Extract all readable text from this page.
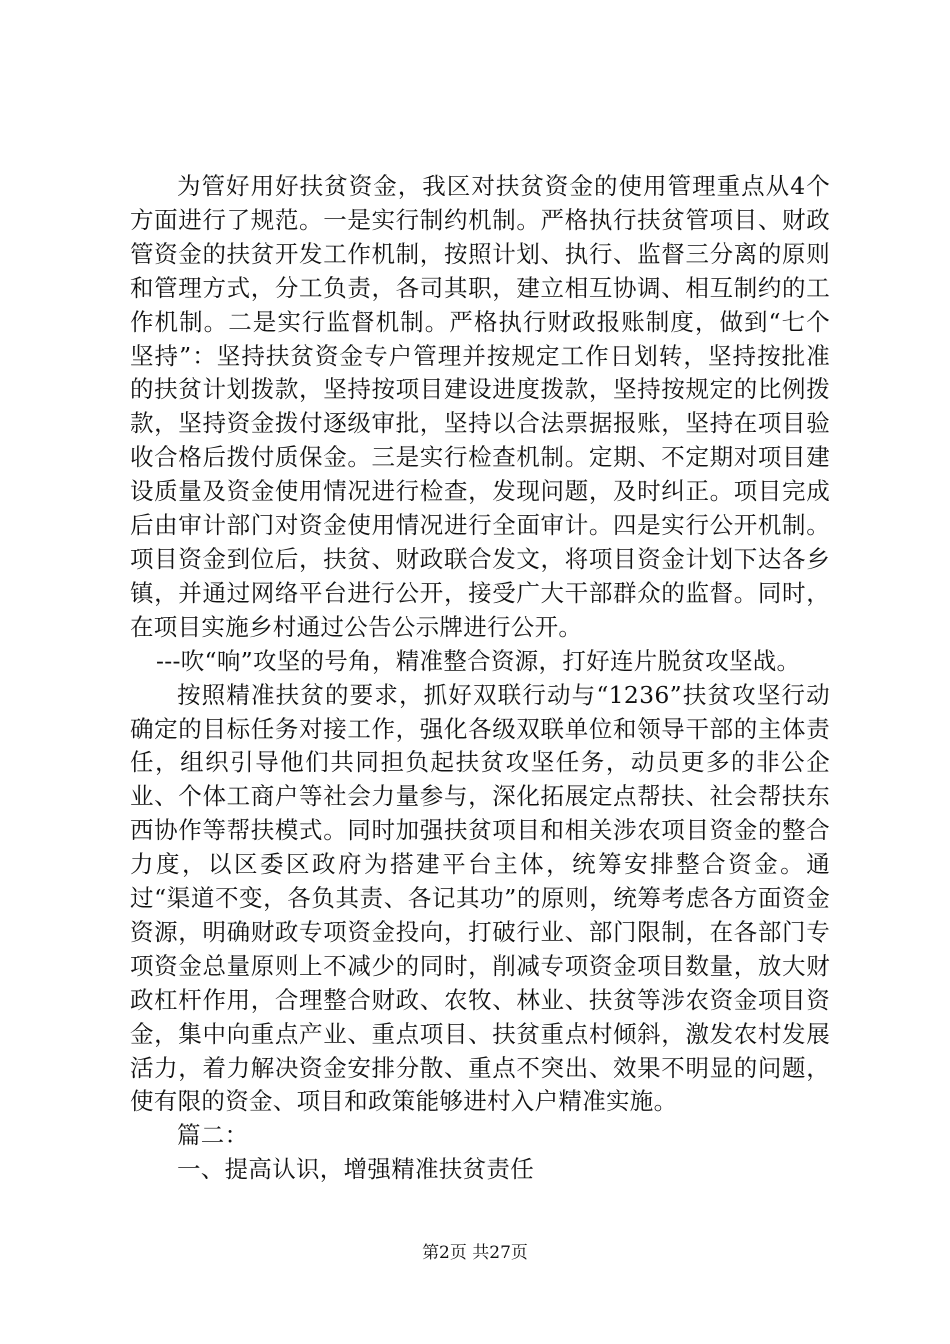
为管好用好扶贫资金，我区对扶贫资金的使用管理重点从4个方面进行了规范。一是实行制约机制。严格执行扶贫管项目、财政管资金的扶贫开发工作机制，按照计划、执行、监督三分离的原则和管理方式，分工负责，各司其职，建立相互协调、相互制约的工作机制。二是实行监督机制。严格执行财政报账制度，做到“七个坚持”：坚持扶贫资金专户管理并按规定工作日划转，坚持按批准的扶贫计划拨款，坚持按项目建设进度拨款，坚持按规定的比例拨款，坚持资金拨付逐级审批，坚持以合法票据报账，坚持在项目验收合格后拨付质保金。三是实行检查机制。定期、不定期对项目建设质量及资金使用情况进行检查，发现问题，及时纠正。项目完成后由审计部门对资金使用情况进行全面审计。四是实行公开机制。项目资金到位后，扶贫、财政联合发文，将项目资金计划下达各乡镇，并通过网络平台进行公开，接受广大干部群众的监督。同时，在项目实施乡村通过公告公示牌进行公开。

---吹“响”攻坚的号角，精准整合资源，打好连片脱贫攻坚战。

按照精准扶贫的要求，抓好双联行动与“1236”扶贫攻坚行动确定的目标任务对接工作，强化各级双联单位和领导干部的主体责任，组织引导他们共同担负起扶贫攻坚任务，动员更多的非公企业、个体工商户等社会力量参与，深化拓展定点帮扶、社会帮扶东西协作等帮扶模式。同时加强扶贫项目和相关涉农项目资金的整合力度，以区委区政府为搭建平台主体，统筹安排整合资金。通过“渠道不变，各负其责、各记其功”的原则，统筹考虑各方面资金资源，明确财政专项资金投向，打破行业、部门限制，在各部门专项资金总量原则上不减少的同时，削减专项资金项目数量，放大财政杠杆作用，合理整合财政、农牧、林业、扶贫等涉农资金项目资金，集中向重点产业、重点项目、扶贫重点村倾斜，激发农村发展活力，着力解决资金安排分散、重点不突出、效果不明显的问题，使有限的资金、项目和政策能够进村入户精准实施。

篇二：

一、提高认识，增强精准扶贫责任

第2页 共27页
